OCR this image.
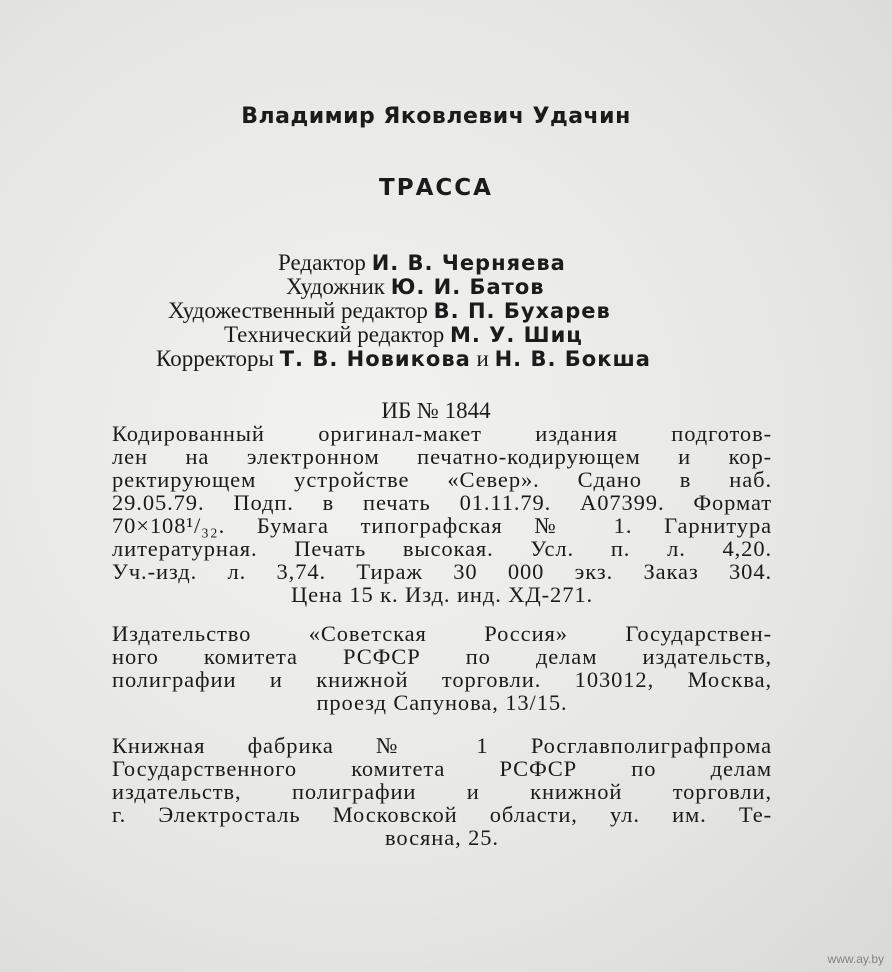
Владимир Яковлевич Удачин
ТРАССА
Редактор И. В. Черняева
Художник Ю. И. Батов
Художественный редактор В. П. Бухарев
Технический редактор М. У. Шиц
Корректоры Т. В. Новикова и Н. В. Бокша
ИБ № 1844
Кодированный оригинал-макет издания подготов-
лен на электронном печатно-кодирующем и кор-
ректирующем устройстве «Север». Сдано в наб.
29.05.79. Подп. в печать 01.11.79. А07399. Формат
70×108¹/₃₂. Бумага типографская № 1. Гарнитура
литературная. Печать высокая. Усл. п. л. 4,20.
Уч.-изд. л. 3,74. Тираж 30 000 экз. Заказ 304.
Цена 15 к. Изд. инд. ХД-271.
Издательство «Советская Россия» Государствен-
ного комитета РСФСР по делам издательств,
полиграфии и книжной торговли. 103012, Москва,
проезд Сапунова, 13/15.
Книжная фабрика № 1 Росглавполиграфпрома
Государственного комитета РСФСР по делам
издательств, полиграфии и книжной торговли,
г. Электросталь Московской области, ул. им. Те-
восяна, 25.
www.ay.by
